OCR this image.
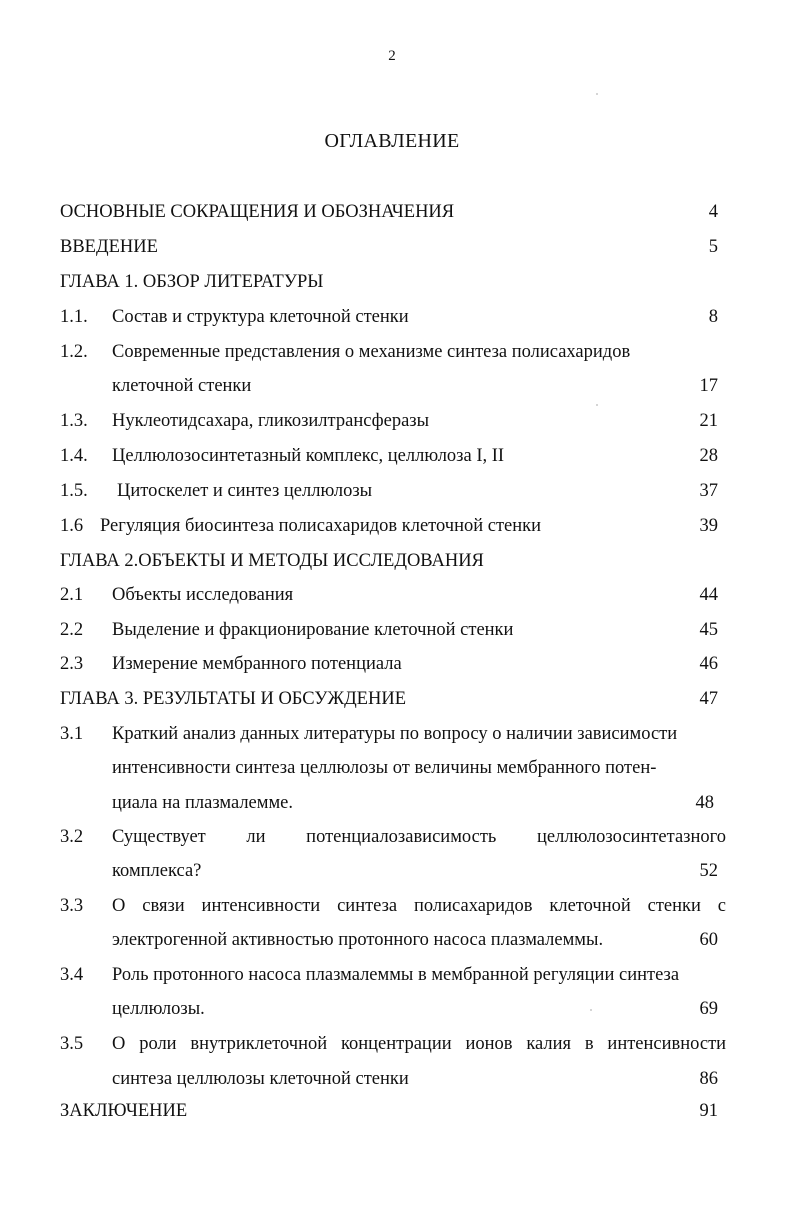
2
ОГЛАВЛЕНИЕ
ОСНОВНЫЕ СОКРАЩЕНИЯ И ОБОЗНАЧЕНИЯ	4
ВВЕДЕНИЕ	5
ГЛАВА 1. ОБЗОР ЛИТЕРАТУРЫ
1.1. Состав и структура клеточной стенки	8
1.2. Современные представления о механизме синтеза полисахаридов
клеточной стенки	17
1.3. Нуклеотидсахара, гликозилтрансферазы	21
1.4. Целлюлозосинтетазный комплекс, целлюлоза I, II	28
1.5. Цитоскелет и синтез целлюлозы	37
1.6 Регуляция биосинтеза полисахаридов клеточной стенки	39
ГЛАВА 2.ОБЪЕКТЫ И МЕТОДЫ ИССЛЕДОВАНИЯ
2.1 Объекты исследования	44
2.2 Выделение и фракционирование клеточной стенки	45
2.3 Измерение мембранного потенциала	46
ГЛАВА 3. РЕЗУЛЬТАТЫ И ОБСУЖДЕНИЕ	47
3.1 Краткий анализ данных литературы по вопросу о наличии зависимости
интенсивности синтеза целлюлозы от величины мембранного потен-
циала на плазмалемме.	48
3.2 Существует ли потенциалозависимость целлюлозосинтетазного
комплекса?	52
3.3 О связи интенсивности синтеза полисахаридов клеточной стенки с
электрогенной активностью протонного насоса плазмалеммы.	60
3.4 Роль протонного насоса плазмалеммы в мембранной регуляции синтеза
целлюлозы.	69
3.5 О роли внутриклеточной концентрации ионов калия в интенсивности
синтеза целлюлозы клеточной стенки	86
ЗАКЛЮЧЕНИЕ	91
